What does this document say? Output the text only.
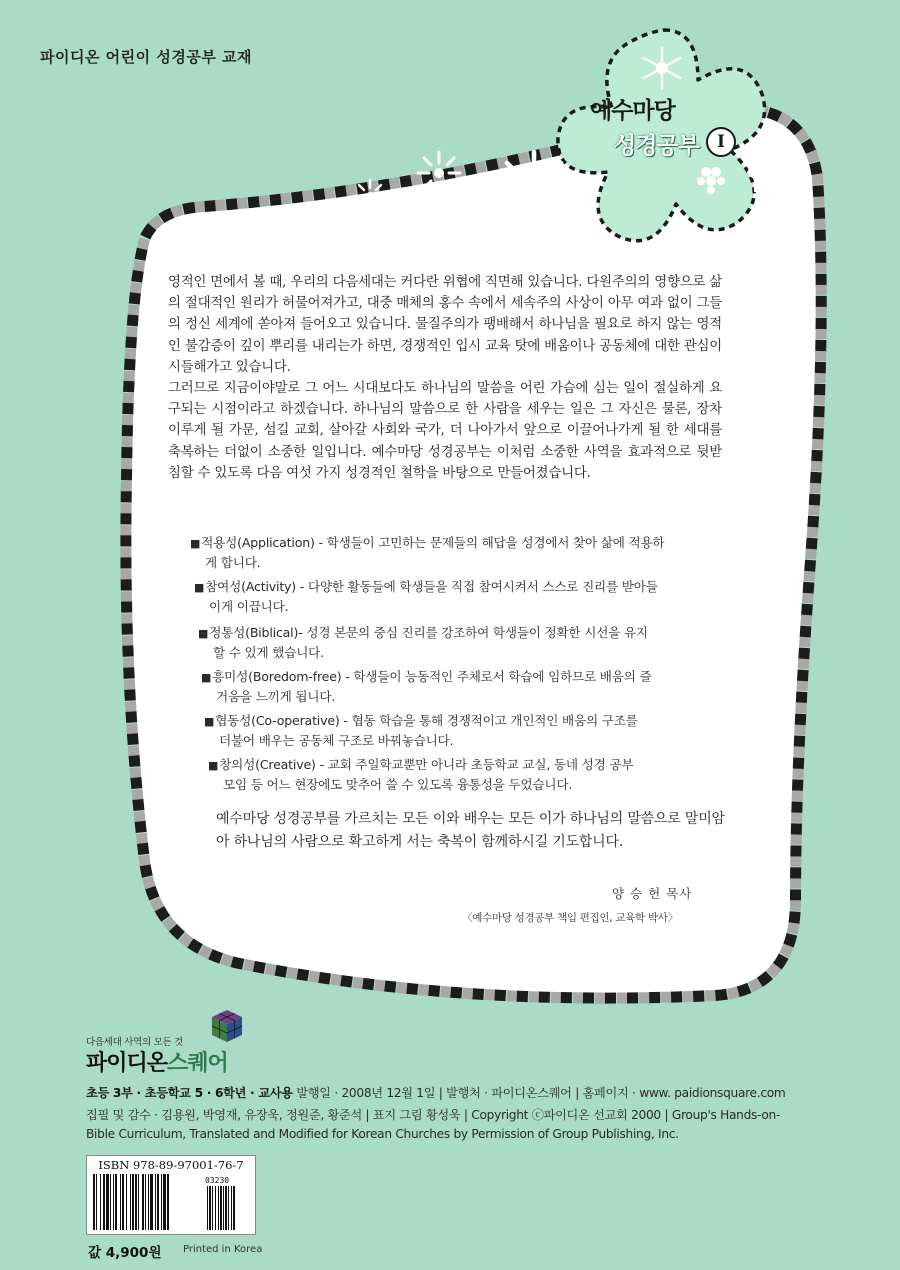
파이디온 어린이 성경공부 교재
예수마당
성경공부	I

영적인 면에서 볼 때, 우리의 다음세대는 커다란 위협에 직면해 있습니다. 다원주의의 영향으로 삶의 절대적인 원리가 허물어져가고, 대중 매체의 홍수 속에서 세속주의 사상이 아무 여과 없이 그들의 정신 세계에 쏟아져 들어오고 있습니다. 물질주의가 팽배해서 하나님을 필요로 하지 않는 영적인 불감증이 깊이 뿌리를 내리는가 하면, 경쟁적인 입시 교육 탓에 배움이나 공동체에 대한 관심이 시들해가고 있습니다.

그러므로 지금이야말로 그 어느 시대보다도 하나님의 말씀을 어린 가슴에 심는 일이 절실하게 요구되는 시점이라고 하겠습니다. 하나님의 말씀으로 한 사람을 세우는 일은 그 자신은 물론, 장차 이루게 될 가문, 섬길 교회, 살아갈 사회와 국가, 더 나아가서 앞으로 이끌어나가게 될 한 세대를 축복하는 더없이 소중한 일입니다. 예수마당 성경공부는 이처럼 소중한 사역을 효과적으로 뒷받침할 수 있도록 다음 여섯 가지 성경적인 철학을 바탕으로 만들어졌습니다.

■적용성(Application) - 학생들이 고민하는 문제들의 해답을 성경에서 찾아 삶에 적용하
게 합니다.
■참여성(Activity) - 다양한 활동들에 학생들을 직접 참여시켜서 스스로 진리를 받아들
이게 이끕니다.
■정통성(Biblical)- 성경 본문의 중심 진리를 강조하여 학생들이 정확한 시선을 유지
할 수 있게 했습니다.
■흥미성(Boredom-free) - 학생들이 능동적인 주체로서 학습에 임하므로 배움의 즐
거움을 느끼게 됩니다.
■협동성(Co-operative) - 협동 학습을 통해 경쟁적이고 개인적인 배움의 구조를
더불어 배우는 공동체 구조로 바꿔놓습니다.
■창의성(Creative) - 교회 주일학교뿐만 아니라 초등학교 교실, 동네 성경 공부
모임 등 어느 현장에도 맞추어 쓸 수 있도록 융통성을 두었습니다.
예수마당 성경공부를 가르치는 모든 이와 배우는 모든 이가 하나님의 말씀으로 말미암아 하나님의 사람으로 확고하게 서는 축복이 함께하시길 기도합니다.
양 승 헌 목사
〈예수마당 성경공부 책임 편집인, 교육학 박사〉
다음세대 사역의 모든 것
파이디온스퀘어
초등 3부 · 초등학교 5 · 6학년 · 교사용 발행일 · 2008년 12월 1일 | 발행처 · 파이디온스퀘어 | 홈페이지 · www. paidionsquare.com
집필 및 감수 · 김용원, 박영재, 유장욱, 정원준, 황준석 | 표지 그림 황성욱 | Copyright ⓒ파이디온 선교회 2000 | Group's Hands-on-
Bible Curriculum, Translated and Modified for Korean Churches by Permission of Group Publishing, Inc.
ISBN 978-89-97001-76-7
03230
값 4,900원 Printed in Korea
